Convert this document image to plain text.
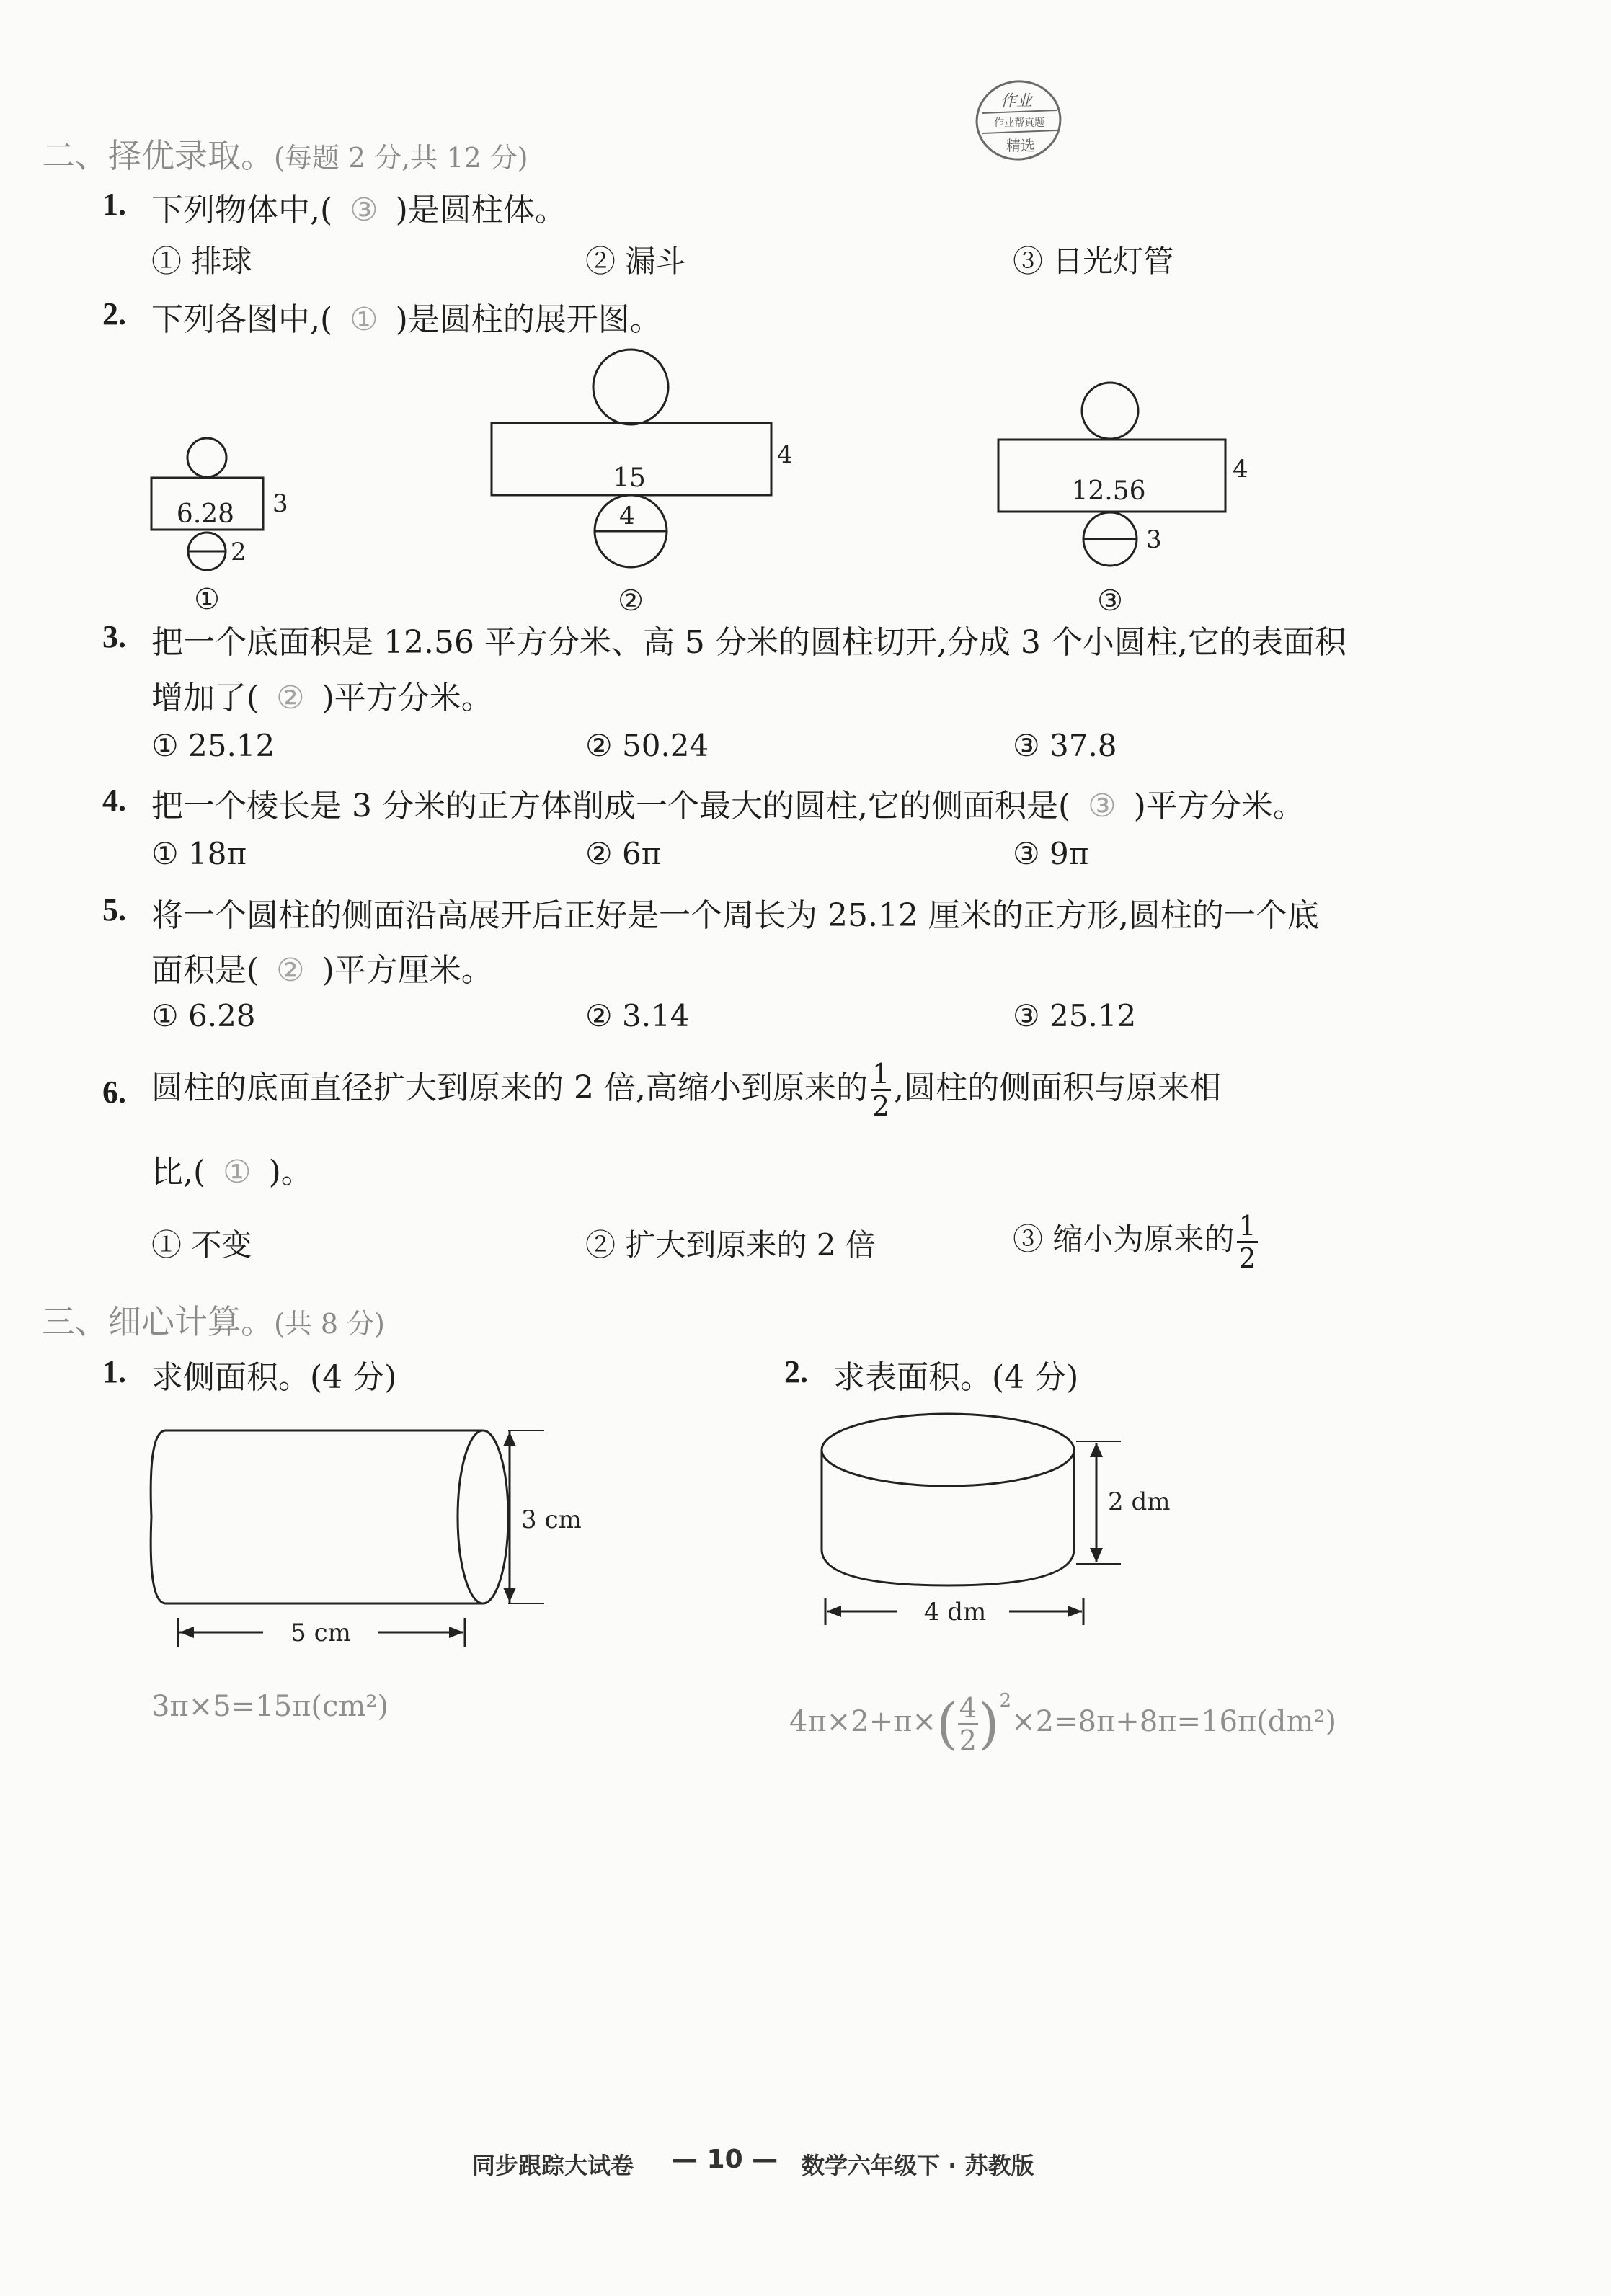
二、择优录取。(每题 2 分,共 12 分)
作业
作业帮真题
精选
1. 下列物体中,( ③ )是圆柱体。
① 排球	② 漏斗	③ 日光灯管
2. 下列各图中,( ① )是圆柱的展开图。
6.28 3
2
①
15
4
4
②
12.56
4
3
③
3. 把一个底面积是 12.56 平方分米、高 5 分米的圆柱切开,分成 3 个小圆柱,它的表面积
增加了( ② )平方分米。
① 25.12	② 50.24	③ 37.8
4. 把一个棱长是 3 分米的正方体削成一个最大的圆柱,它的侧面积是( ③ )平方分米。
① 18π	② 6π	③ 9π
5. 将一个圆柱的侧面沿高展开后正好是一个周长为 25.12 厘米的正方形,圆柱的一个底
面积是( ② )平方厘米。
① 6.28	② 3.14	③ 25.12
6. 圆柱的底面直径扩大到原来的 2 倍,高缩小到原来的 $\frac{1}{2}$ ,圆柱的侧面积与原来相
比,( ① )。
① 不变	② 扩大到原来的 2 倍	③ 缩小为原来的 $\frac{1}{2}$
三、细心计算。(共 8 分)
1. 求侧面积。(4 分)
3 cm
5 cm
3π×5=15π(cm²)
2. 求表面积。(4 分)
2 dm
4 dm
$4\pi\times 2+\pi\times( \frac{4}{2} )^2\times 2=8\pi+8\pi=16\pi(dm^2)$
同步跟踪大试卷 — 10 — 数学六年级下 · 苏教版
